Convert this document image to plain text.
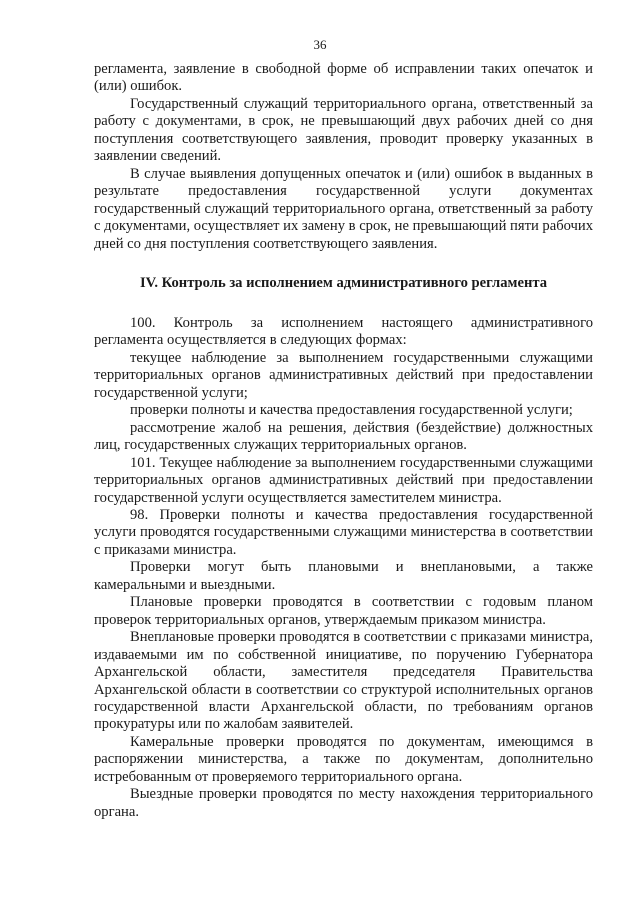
36

регламента, заявление в свободной форме об исправлении таких опечаток и (или) ошибок.

Государственный служащий территориального органа, ответственный за работу с документами, в срок, не превышающий двух рабочих дней со дня поступления соответствующего заявления, проводит проверку указанных в заявлении сведений.

В случае выявления допущенных опечаток и (или) ошибок в выданных в результате предоставления государственной услуги документах государственный служащий территориального органа, ответственный за работу с документами, осуществляет их замену в срок, не превышающий пяти рабочих дней со дня поступления соответствующего заявления.

IV. Контроль за исполнением административного регламента

100. Контроль за исполнением настоящего административного регламента осуществляется в следующих формах:

текущее наблюдение за выполнением государственными служащими территориальных органов административных действий при предоставлении государственной услуги;

проверки полноты и качества предоставления государственной услуги;

рассмотрение жалоб на решения, действия (бездействие) должностных лиц, государственных служащих территориальных органов.

101. Текущее наблюдение за выполнением государственными служащими территориальных органов административных действий при предоставлении государственной услуги осуществляется заместителем министра.

98. Проверки полноты и качества предоставления государственной услуги проводятся государственными служащими министерства в соответствии с приказами министра.

Проверки могут быть плановыми и внеплановыми, а также камеральными и выездными.

Плановые проверки проводятся в соответствии с годовым планом проверок территориальных органов, утверждаемым приказом министра.

Внеплановые проверки проводятся в соответствии с приказами министра, издаваемыми им по собственной инициативе, по поручению Губернатора Архангельской области, заместителя председателя Правительства Архангельской области в соответствии со структурой исполнительных органов государственной власти Архангельской области, по требованиям органов прокуратуры или по жалобам заявителей.

Камеральные проверки проводятся по документам, имеющимся в распоряжении министерства, а также по документам, дополнительно истребованным от проверяемого территориального органа.

Выездные проверки проводятся по месту нахождения территориального органа.
